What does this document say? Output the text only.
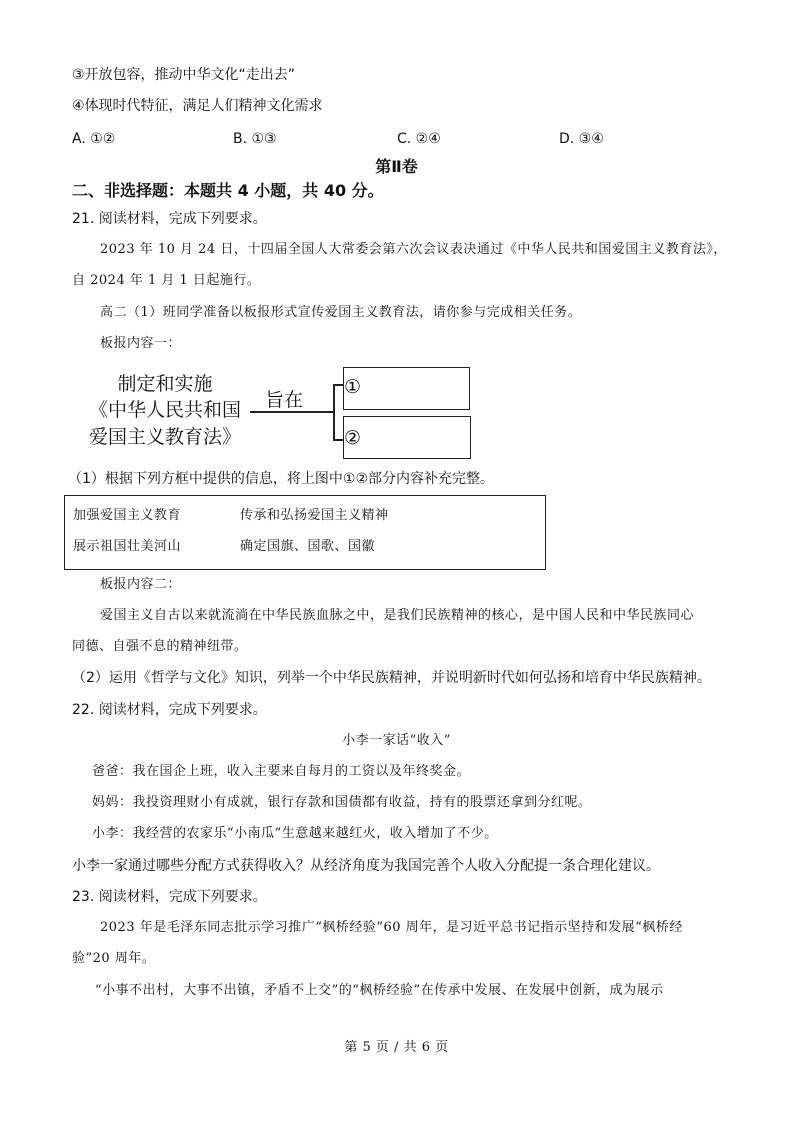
③开放包容，推动中华文化“走出去”
④体现时代特征，满足人们精神文化需求
A. ①②	B. ①③	C. ②④	D. ③④
第Ⅱ卷
二、非选择题：本题共 4 小题，共 40 分。
21. 阅读材料，完成下列要求。
2023 年 10 月 24 日，十四届全国人大常委会第六次会议表决通过《中华人民共和国爱国主义教育法》，
自 2024 年 1 月 1 日起施行。
高二（1）班同学准备以板报形式宣传爱国主义教育法，请你参与完成相关任务。
板报内容一：
制定和实施
《中华人民共和国
爱国主义教育法》
旨在
①
②
（1）根据下列方框中提供的信息，将上图中①②部分内容补充完整。
加强爱国主义教育	传承和弘扬爱国主义精神
展示祖国壮美河山	确定国旗、国歌、国徽
板报内容二：
爱国主义自古以来就流淌在中华民族血脉之中，是我们民族精神的核心，是中国人民和中华民族同心
同德、自强不息的精神纽带。
（2）运用《哲学与文化》知识，列举一个中华民族精神，并说明新时代如何弘扬和培育中华民族精神。
22. 阅读材料，完成下列要求。
小李一家话“收入”
爸爸：我在国企上班，收入主要来自每月的工资以及年终奖金。
妈妈：我投资理财小有成就，银行存款和国债都有收益，持有的股票还拿到分红呢。
小李：我经营的农家乐“小南瓜”生意越来越红火，收入增加了不少。
小李一家通过哪些分配方式获得收入？从经济角度为我国完善个人收入分配提一条合理化建议。
23. 阅读材料，完成下列要求。
2023 年是毛泽东同志批示学习推广“枫桥经验”60 周年，是习近平总书记指示坚持和发展“枫桥经
验”20 周年。
“小事不出村，大事不出镇，矛盾不上交”的“枫桥经验”在传承中发展、在发展中创新，成为展示
第 5 页 / 共 6 页
